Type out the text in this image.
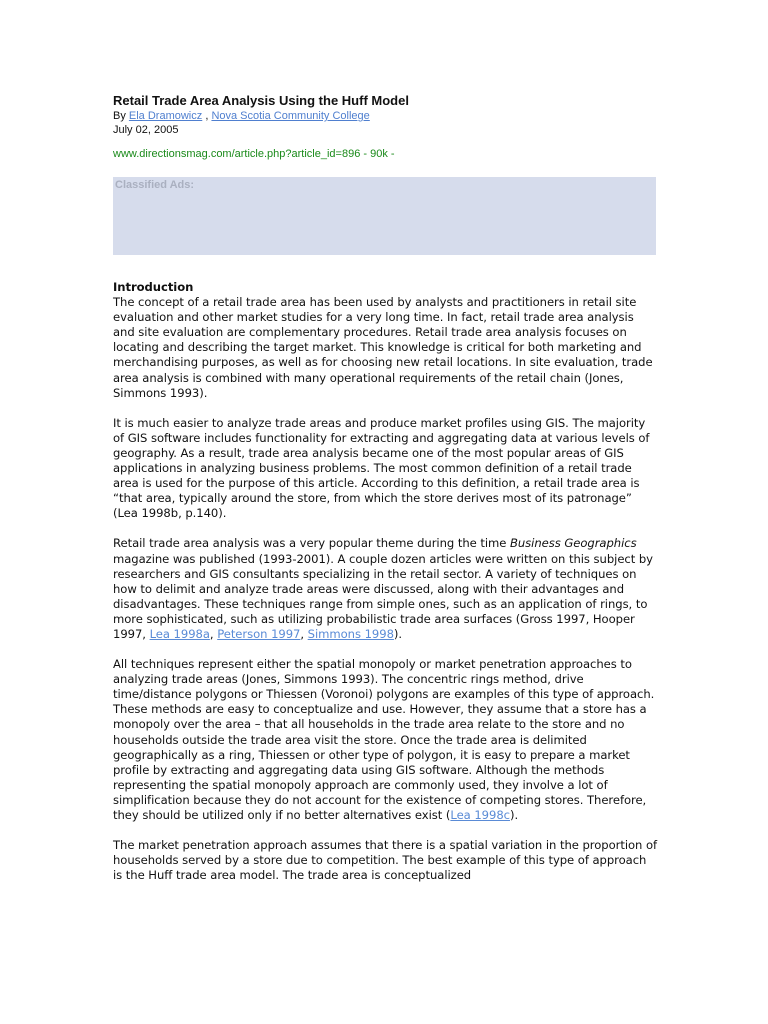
Retail Trade Area Analysis Using the Huff Model
By Ela Dramowicz , Nova Scotia Community College
July 02, 2005
www.directionsmag.com/article.php?article_id=896 - 90k -
Classified Ads:
Introduction

The concept of a retail trade area has been used by analysts and practitioners in retail site evaluation and other market studies for a very long time. In fact, retail trade area analysis and site evaluation are complementary procedures. Retail trade area analysis focuses on locating and describing the target market. This knowledge is critical for both marketing and merchandising purposes, as well as for choosing new retail locations. In site evaluation, trade area analysis is combined with many operational requirements of the retail chain (Jones, Simmons 1993).

It is much easier to analyze trade areas and produce market profiles using GIS. The majority of GIS software includes functionality for extracting and aggregating data at various levels of geography. As a result, trade area analysis became one of the most popular areas of GIS applications in analyzing business problems. The most common definition of a retail trade area is used for the purpose of this article. According to this definition, a retail trade area is “that area, typically around the store, from which the store derives most of its patronage” (Lea 1998b, p.140).

Retail trade area analysis was a very popular theme during the time Business Geographics magazine was published (1993-2001). A couple dozen articles were written on this subject by researchers and GIS consultants specializing in the retail sector. A variety of techniques on how to delimit and analyze trade areas were discussed, along with their advantages and disadvantages. These techniques range from simple ones, such as an application of rings, to more sophisticated, such as utilizing probabilistic trade area surfaces (Gross 1997, Hooper 1997, Lea 1998a, Peterson 1997, Simmons 1998).

All techniques represent either the spatial monopoly or market penetration approaches to analyzing trade areas (Jones, Simmons 1993). The concentric rings method, drive time/distance polygons or Thiessen (Voronoi) polygons are examples of this type of approach. These methods are easy to conceptualize and use. However, they assume that a store has a monopoly over the area – that all households in the trade area relate to the store and no households outside the trade area visit the store. Once the trade area is delimited geographically as a ring, Thiessen or other type of polygon, it is easy to prepare a market profile by extracting and aggregating data using GIS software. Although the methods representing the spatial monopoly approach are commonly used, they involve a lot of simplification because they do not account for the existence of competing stores. Therefore, they should be utilized only if no better alternatives exist (Lea 1998c).

The market penetration approach assumes that there is a spatial variation in the proportion of households served by a store due to competition. The best example of this type of approach is the Huff trade area model. The trade area is conceptualized
